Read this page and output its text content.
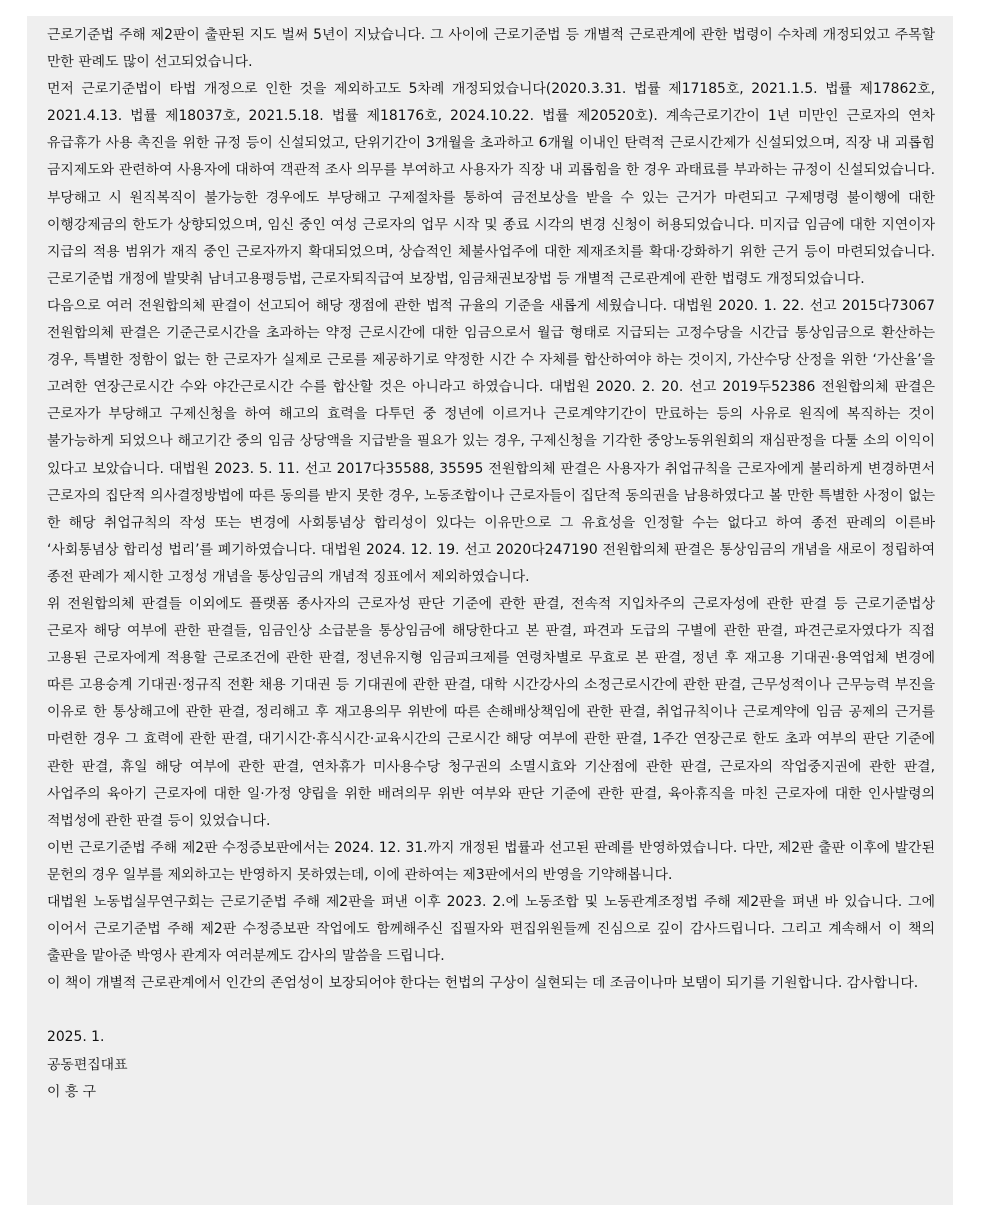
근로기준법 주해 제2판이 출판된 지도 벌써 5년이 지났습니다. 그 사이에 근로기준법 등 개별적 근로관계에 관한 법령이 수차례 개정되었고 주목할 만한 판례도 많이 선고되었습니다.

먼저 근로기준법이 타법 개정으로 인한 것을 제외하고도 5차례 개정되었습니다(2020.3.31. 법률 제17185호, 2021.1.5. 법률 제17862호, 2021.4.13. 법률 제18037호, 2021.5.18. 법률 제18176호, 2024.10.22. 법률 제20520호). 계속근로기간이 1년 미만인 근로자의 연차 유급휴가 사용 촉진을 위한 규정 등이 신설되었고, 단위기간이 3개월을 초과하고 6개월 이내인 탄력적 근로시간제가 신설되었으며, 직장 내 괴롭힘 금지제도와 관련하여 사용자에 대하여 객관적 조사 의무를 부여하고 사용자가 직장 내 괴롭힘을 한 경우 과태료를 부과하는 규정이 신설되었습니다. 부당해고 시 원직복직이 불가능한 경우에도 부당해고 구제절차를 통하여 금전보상을 받을 수 있는 근거가 마련되고 구제명령 불이행에 대한 이행강제금의 한도가 상향되었으며, 임신 중인 여성 근로자의 업무 시작 및 종료 시각의 변경 신청이 허용되었습니다. 미지급 임금에 대한 지연이자 지급의 적용 범위가 재직 중인 근로자까지 확대되었으며, 상습적인 체불사업주에 대한 제재조치를 확대·강화하기 위한 근거 등이 마련되었습니다. 근로기준법 개정에 발맞춰 남녀고용평등법, 근로자퇴직급여 보장법, 임금채권보장법 등 개별적 근로관계에 관한 법령도 개정되었습니다.

다음으로 여러 전원합의체 판결이 선고되어 해당 쟁점에 관한 법적 규율의 기준을 새롭게 세웠습니다. 대법원 2020. 1. 22. 선고 2015다73067 전원합의체 판결은 기준근로시간을 초과하는 약정 근로시간에 대한 임금으로서 월급 형태로 지급되는 고정수당을 시간급 통상임금으로 환산하는 경우, 특별한 정함이 없는 한 근로자가 실제로 근로를 제공하기로 약정한 시간 수 자체를 합산하여야 하는 것이지, 가산수당 산정을 위한 ‘가산율’을 고려한 연장근로시간 수와 야간근로시간 수를 합산할 것은 아니라고 하였습니다. 대법원 2020. 2. 20. 선고 2019두52386 전원합의체 판결은 근로자가 부당해고 구제신청을 하여 해고의 효력을 다투던 중 정년에 이르거나 근로계약기간이 만료하는 등의 사유로 원직에 복직하는 것이 불가능하게 되었으나 해고기간 중의 임금 상당액을 지급받을 필요가 있는 경우, 구제신청을 기각한 중앙노동위원회의 재심판정을 다툴 소의 이익이 있다고 보았습니다. 대법원 2023. 5. 11. 선고 2017다35588, 35595 전원합의체 판결은 사용자가 취업규칙을 근로자에게 불리하게 변경하면서 근로자의 집단적 의사결정방법에 따른 동의를 받지 못한 경우, 노동조합이나 근로자들이 집단적 동의권을 남용하였다고 볼 만한 특별한 사정이 없는 한 해당 취업규칙의 작성 또는 변경에 사회통념상 합리성이 있다는 이유만으로 그 유효성을 인정할 수는 없다고 하여 종전 판례의 이른바 ‘사회통념상 합리성 법리’를 폐기하였습니다. 대법원 2024. 12. 19. 선고 2020다247190 전원합의체 판결은 통상임금의 개념을 새로이 정립하여 종전 판례가 제시한 고정성 개념을 통상임금의 개념적 징표에서 제외하였습니다.

위 전원합의체 판결들 이외에도 플랫폼 종사자의 근로자성 판단 기준에 관한 판결, 전속적 지입차주의 근로자성에 관한 판결 등 근로기준법상 근로자 해당 여부에 관한 판결들, 임금인상 소급분을 통상임금에 해당한다고 본 판결, 파견과 도급의 구별에 관한 판결, 파견근로자였다가 직접 고용된 근로자에게 적용할 근로조건에 관한 판결, 정년유지형 임금피크제를 연령차별로 무효로 본 판결, 정년 후 재고용 기대권·용역업체 변경에 따른 고용승계 기대권·정규직 전환 채용 기대권 등 기대권에 관한 판결, 대학 시간강사의 소정근로시간에 관한 판결, 근무성적이나 근무능력 부진을 이유로 한 통상해고에 관한 판결, 정리해고 후 재고용의무 위반에 따른 손해배상책임에 관한 판결, 취업규칙이나 근로계약에 임금 공제의 근거를 마련한 경우 그 효력에 관한 판결, 대기시간·휴식시간·교육시간의 근로시간 해당 여부에 관한 판결, 1주간 연장근로 한도 초과 여부의 판단 기준에 관한 판결, 휴일 해당 여부에 관한 판결, 연차휴가 미사용수당 청구권의 소멸시효와 기산점에 관한 판결, 근로자의 작업중지권에 관한 판결, 사업주의 육아기 근로자에 대한 일·가정 양립을 위한 배려의무 위반 여부와 판단 기준에 관한 판결, 육아휴직을 마친 근로자에 대한 인사발령의 적법성에 관한 판결 등이 있었습니다.

이번 근로기준법 주해 제2판 수정증보판에서는 2024. 12. 31.까지 개정된 법률과 선고된 판례를 반영하였습니다. 다만, 제2판 출판 이후에 발간된 문헌의 경우 일부를 제외하고는 반영하지 못하였는데, 이에 관하여는 제3판에서의 반영을 기약해봅니다.

대법원 노동법실무연구회는 근로기준법 주해 제2판을 펴낸 이후 2023. 2.에 노동조합 및 노동관계조정법 주해 제2판을 펴낸 바 있습니다. 그에 이어서 근로기준법 주해 제2판 수정증보판 작업에도 함께해주신 집필자와 편집위원들께 진심으로 깊이 감사드립니다. 그리고 계속해서 이 책의 출판을 맡아준 박영사 관계자 여러분께도 감사의 말씀을 드립니다.

이 책이 개별적 근로관계에서 인간의 존엄성이 보장되어야 한다는 헌법의 구상이 실현되는 데 조금이나마 보탬이 되기를 기원합니다. 감사합니다.

2025. 1.

공동편집대표

이 흥 구
